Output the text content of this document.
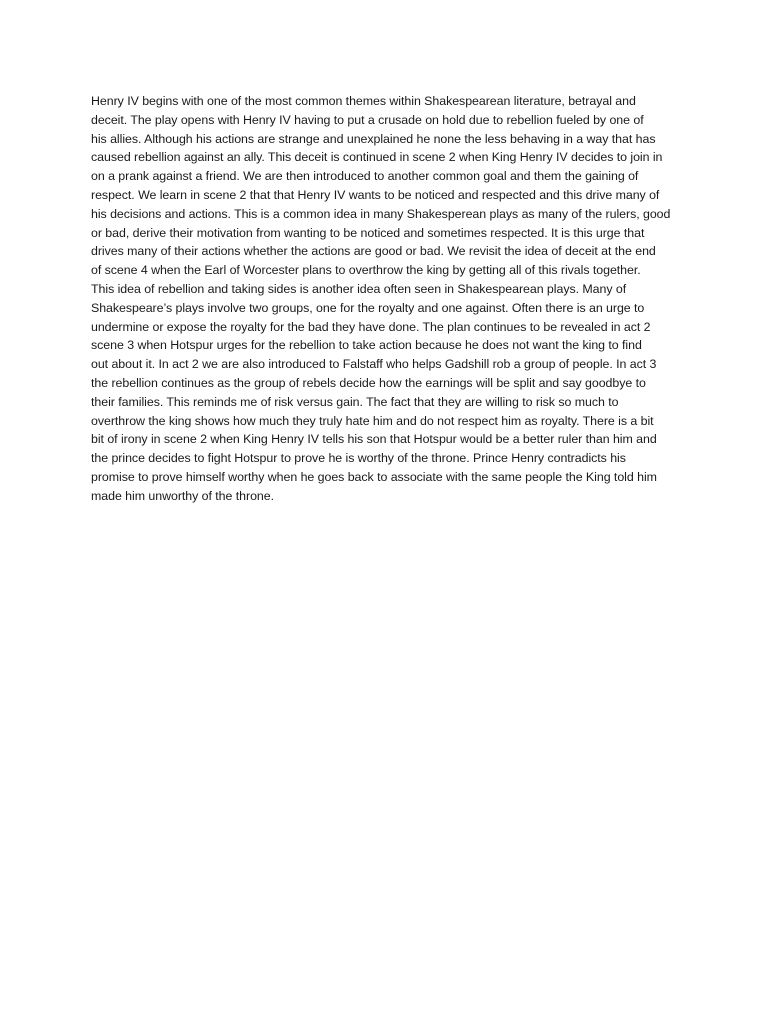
Henry IV begins with one of the most common themes within Shakespearean literature, betrayal and
deceit. The play opens with Henry IV having to put a crusade on hold due to rebellion fueled by one of
his allies. Although his actions are strange and unexplained he none the less behaving in a way that has
caused rebellion against an ally. This deceit is continued in scene 2 when King Henry IV decides to join in
on a prank against a friend. We are then introduced to another common goal and them the gaining of
respect. We learn in scene 2 that that Henry IV wants to be noticed and respected and this drive many of
his decisions and actions. This is a common idea in many Shakesperean plays as many of the rulers, good
or bad, derive their motivation from wanting to be noticed and sometimes respected. It is this urge that
drives many of their actions whether the actions are good or bad. We revisit the idea of deceit at the end
of scene 4 when the Earl of Worcester plans to overthrow the king by getting all of this rivals together.
This idea of rebellion and taking sides is another idea often seen in Shakespearean plays. Many of
Shakespeare’s plays involve two groups, one for the royalty and one against. Often there is an urge to
undermine or expose the royalty for the bad they have done. The plan continues to be revealed in act 2
scene 3 when Hotspur urges for the rebellion to take action because he does not want the king to find
out about it. In act 2 we are also introduced to Falstaff who helps Gadshill rob a group of people. In act 3
the rebellion continues as the group of rebels decide how the earnings will be split and say goodbye to
their families. This reminds me of risk versus gain. The fact that they are willing to risk so much to
overthrow the king shows how much they truly hate him and do not respect him as royalty. There is a bit
bit of irony in scene 2 when King Henry IV tells his son that Hotspur would be a better ruler than him and
the prince decides to fight Hotspur to prove he is worthy of the throne. Prince Henry contradicts his
promise to prove himself worthy when he goes back to associate with the same people the King told him
made him unworthy of the throne.
